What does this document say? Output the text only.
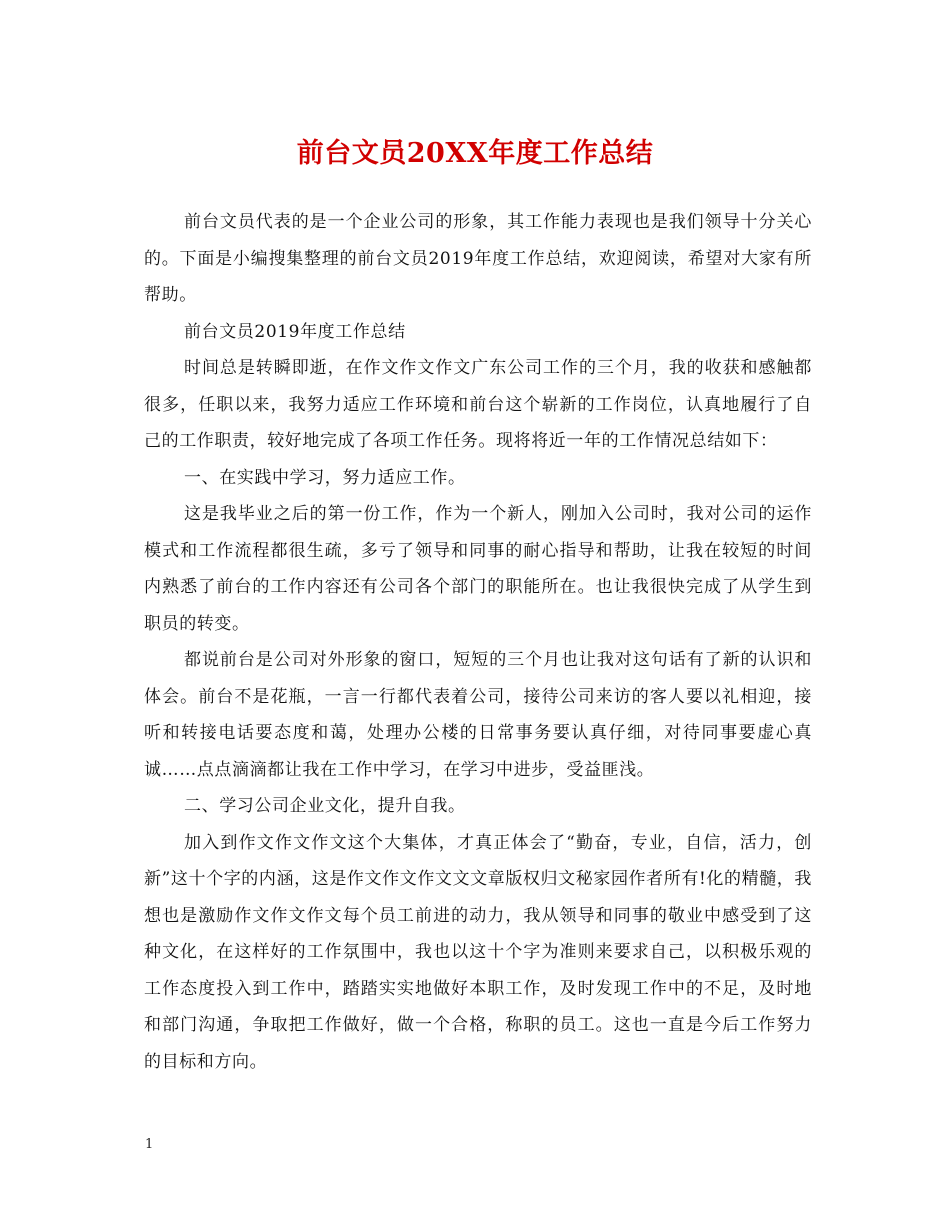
前台文员20XX年度工作总结

前台文员代表的是一个企业公司的形象，其工作能力表现也是我们领导十分关心的。下面是小编搜集整理的前台文员2019年度工作总结，欢迎阅读，希望对大家有所帮助。

前台文员2019年度工作总结

时间总是转瞬即逝，在作文作文作文广东公司工作的三个月，我的收获和感触都很多，任职以来，我努力适应工作环境和前台这个崭新的工作岗位，认真地履行了自己的工作职责，较好地完成了各项工作任务。现将将近一年的工作情况总结如下：

一、在实践中学习，努力适应工作。

这是我毕业之后的第一份工作，作为一个新人，刚加入公司时，我对公司的运作模式和工作流程都很生疏，多亏了领导和同事的耐心指导和帮助，让我在较短的时间内熟悉了前台的工作内容还有公司各个部门的职能所在。也让我很快完成了从学生到职员的转变。

都说前台是公司对外形象的窗口，短短的三个月也让我对这句话有了新的认识和体会。前台不是花瓶，一言一行都代表着公司，接待公司来访的客人要以礼相迎，接听和转接电话要态度和蔼，处理办公楼的日常事务要认真仔细，对待同事要虚心真诚……点点滴滴都让我在工作中学习，在学习中进步，受益匪浅。

二、学习公司企业文化，提升自我。

加入到作文作文作文这个大集体，才真正体会了“勤奋，专业，自信，活力，创新”这十个字的内涵，这是作文作文作文文文章版权归文秘家园作者所有!化的精髓，我想也是激励作文作文作文每个员工前进的动力，我从领导和同事的敬业中感受到了这种文化，在这样好的工作氛围中，我也以这十个字为准则来要求自己，以积极乐观的工作态度投入到工作中，踏踏实实地做好本职工作，及时发现工作中的不足，及时地和部门沟通，争取把工作做好，做一个合格，称职的员工。这也一直是今后工作努力的目标和方向。

1
